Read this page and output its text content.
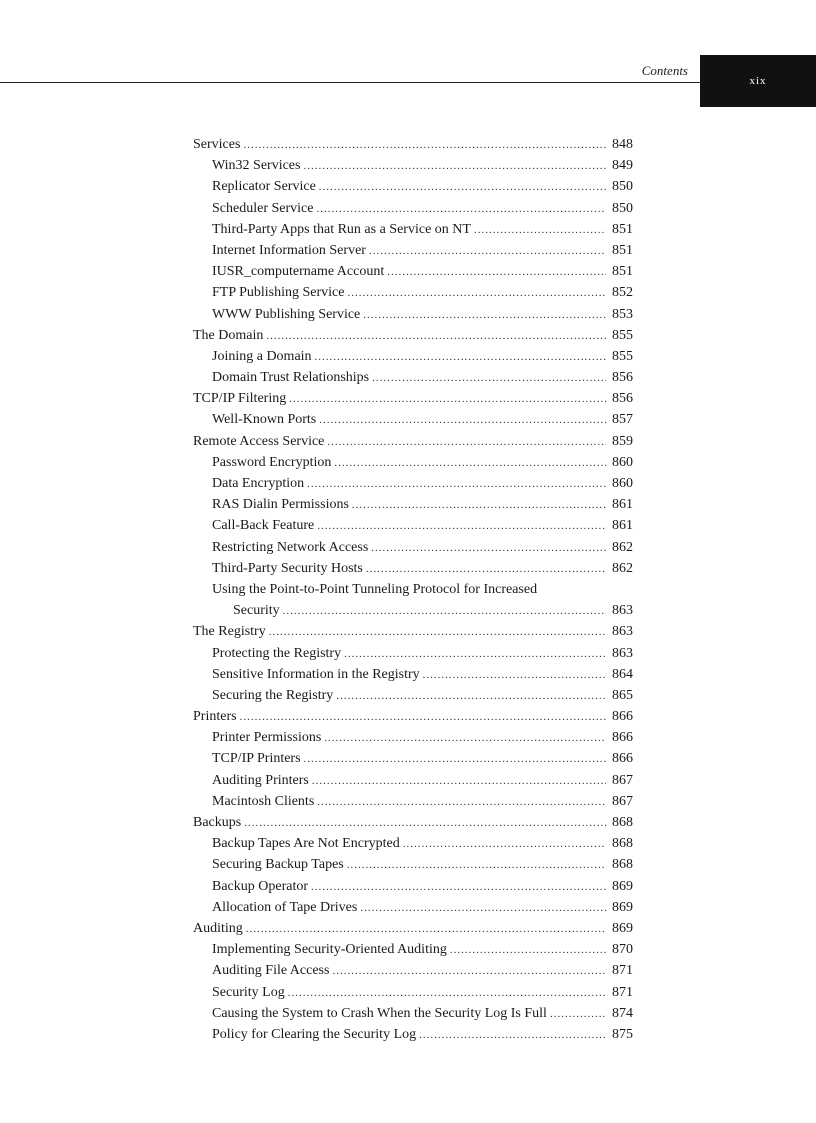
Contents
xix
Services .....	848
Win32 Services .....	849
Replicator Service .....	850
Scheduler Service .....	850
Third-Party Apps that Run as a Service on NT .....	851
Internet Information Server .....	851
IUSR_computername Account .....	851
FTP Publishing Service .....	852
WWW Publishing Service .....	853
The Domain .....	855
Joining a Domain .....	855
Domain Trust Relationships .....	856
TCP/IP Filtering .....	856
Well-Known Ports .....	857
Remote Access Service .....	859
Password Encryption .....	860
Data Encryption .....	860
RAS Dialin Permissions .....	861
Call-Back Feature .....	861
Restricting Network Access .....	862
Third-Party Security Hosts .....	862
Using the Point-to-Point Tunneling Protocol for Increased
Security .....	863
The Registry .....	863
Protecting the Registry .....	863
Sensitive Information in the Registry .....	864
Securing the Registry .....	865
Printers .....	866
Printer Permissions .....	866
TCP/IP Printers .....	866
Auditing Printers .....	867
Macintosh Clients .....	867
Backups .....	868
Backup Tapes Are Not Encrypted .....	868
Securing Backup Tapes .....	868
Backup Operator .....	869
Allocation of Tape Drives .....	869
Auditing .....	869
Implementing Security-Oriented Auditing .....	870
Auditing File Access .....	871
Security Log .....	871
Causing the System to Crash When the Security Log Is Full .....	874
Policy for Clearing the Security Log .....	875
